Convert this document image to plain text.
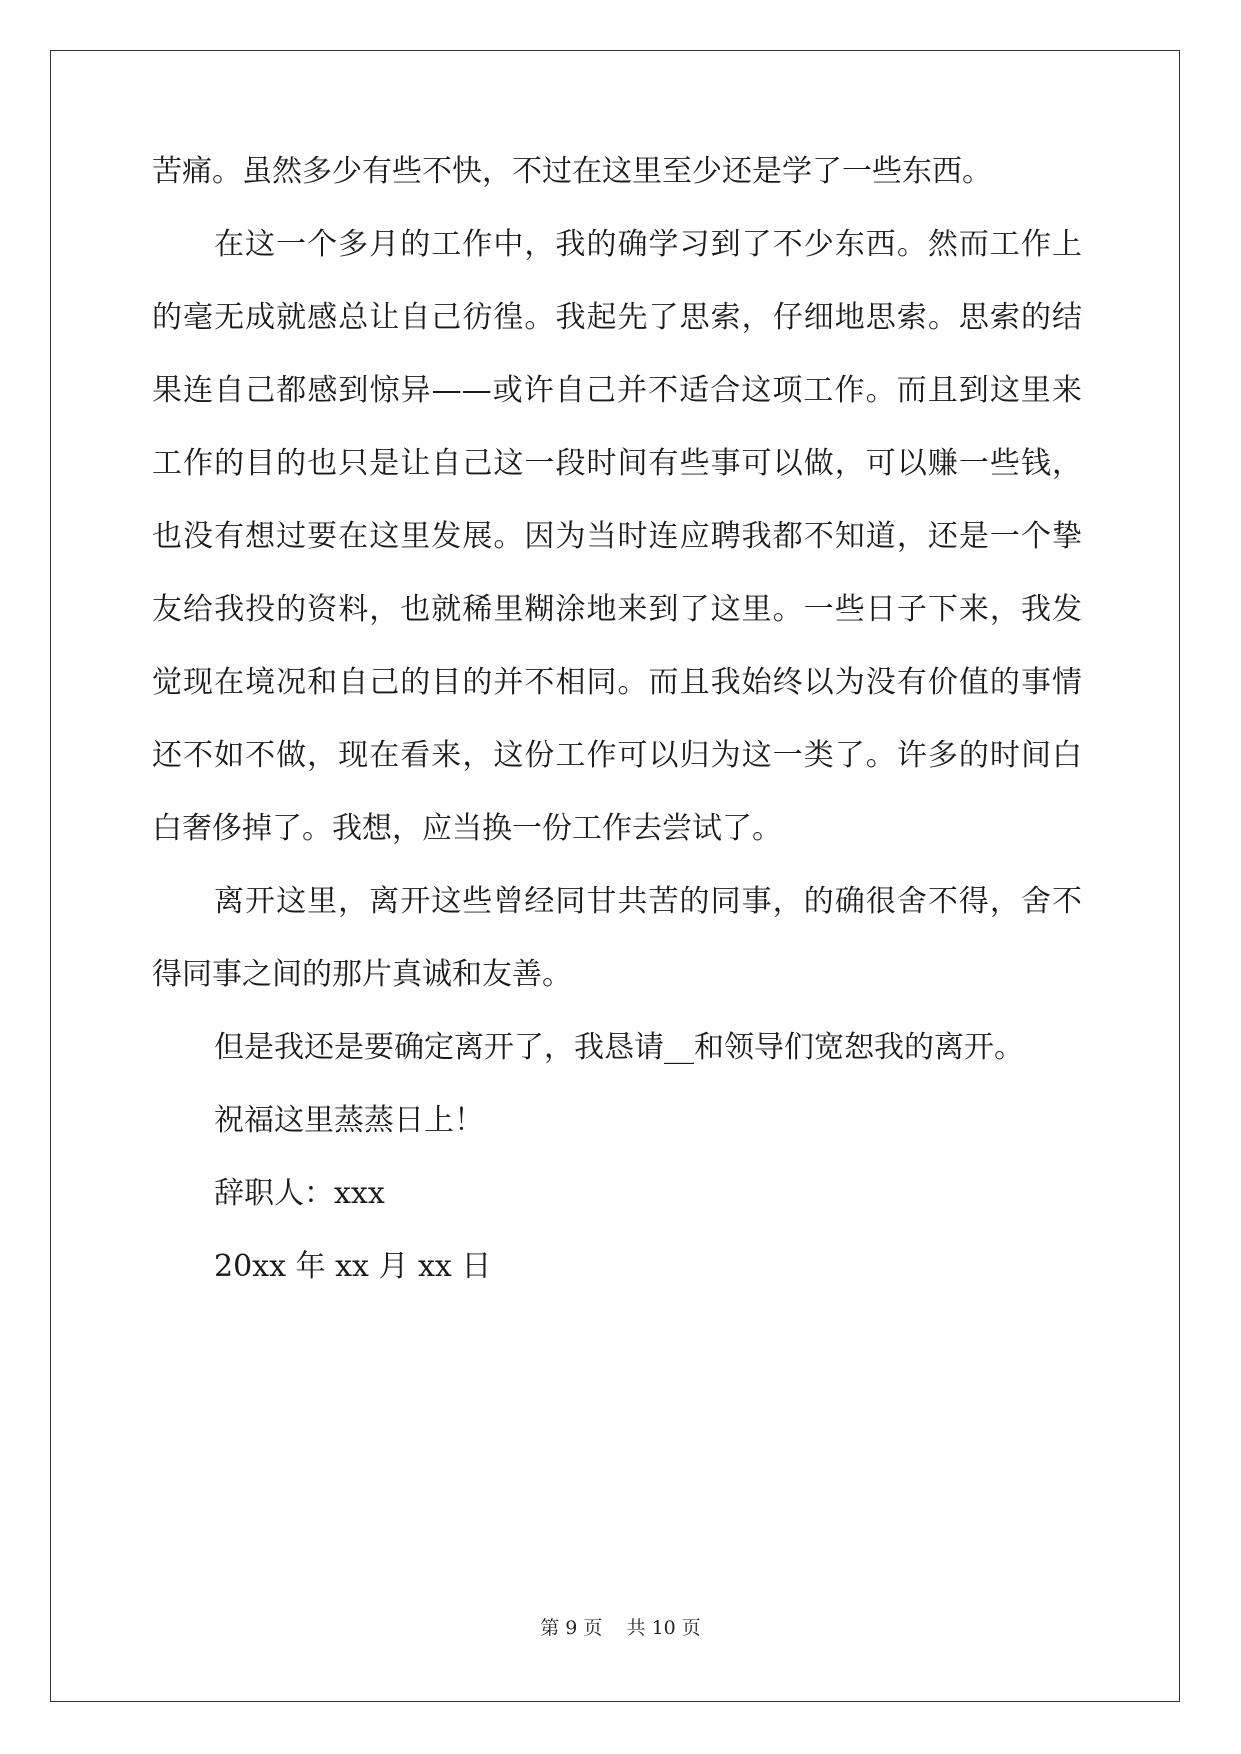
苦痛。虽然多少有些不快，不过在这里至少还是学了一些东西。
在这一个多月的工作中，我的确学习到了不少东西。然而工作上
的毫无成就感总让自己彷徨。我起先了思索，仔细地思索。思索的结
果连自己都感到惊异——或许自己并不适合这项工作。而且到这里来
工作的目的也只是让自己这一段时间有些事可以做，可以赚一些钱，
也没有想过要在这里发展。因为当时连应聘我都不知道，还是一个挚
友给我投的资料，也就稀里糊涂地来到了这里。一些日子下来，我发
觉现在境况和自己的目的并不相同。而且我始终以为没有价值的事情
还不如不做，现在看来，这份工作可以归为这一类了。许多的时间白
白奢侈掉了。我想，应当换一份工作去尝试了。
离开这里，离开这些曾经同甘共苦的同事，的确很舍不得，舍不
得同事之间的那片真诚和友善。
但是我还是要确定离开了，我恳请__和领导们宽恕我的离开。
祝福这里蒸蒸日上！
辞职人：xxx
20xx 年 xx 月 xx 日
第 9 页    共 10 页
